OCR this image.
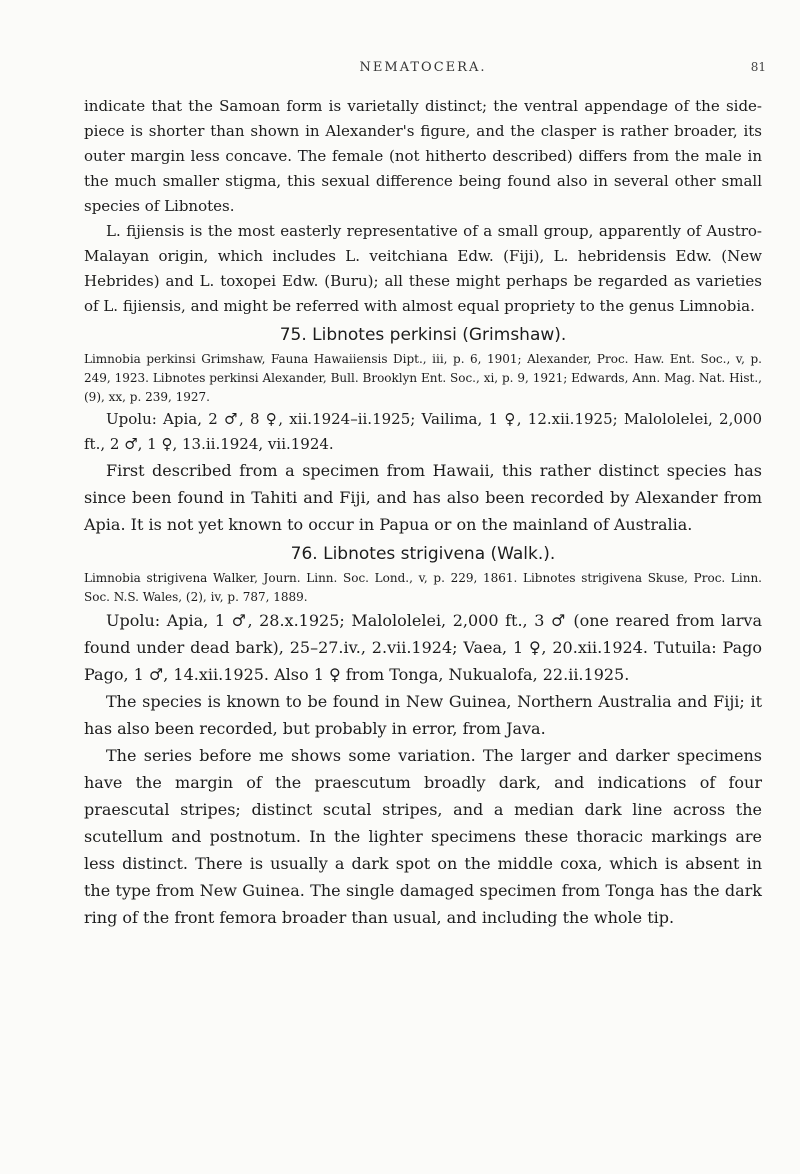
NEMATOCERA.	81

indicate that the Samoan form is varietally distinct; the ventral appendage of the side-piece is shorter than shown in Alexander's figure, and the clasper is rather broader, its outer margin less concave. The female (not hitherto described) differs from the male in the much smaller stigma, this sexual difference being found also in several other small species of Libnotes.

L. fijiensis is the most easterly representative of a small group, apparently of Austro-Malayan origin, which includes L. veitchiana Edw. (Fiji), L. hebridensis Edw. (New Hebrides) and L. toxopei Edw. (Buru); all these might perhaps be regarded as varieties of L. fijiensis, and might be referred with almost equal propriety to the genus Limnobia.

75. Libnotes perkinsi (Grimshaw).

Limnobia perkinsi Grimshaw, Fauna Hawaiiensis Dipt., iii, p. 6, 1901; Alexander, Proc. Haw. Ent. Soc., v, p. 249, 1923. Libnotes perkinsi Alexander, Bull. Brooklyn Ent. Soc., xi, p. 9, 1921; Edwards, Ann. Mag. Nat. Hist., (9), xx, p. 239, 1927.

Upolu: Apia, 2 ♂, 8 ♀, xii.1924–ii.1925; Vailima, 1 ♀, 12.xii.1925; Malololelei, 2,000 ft., 2 ♂, 1 ♀, 13.ii.1924, vii.1924.

First described from a specimen from Hawaii, this rather distinct species has since been found in Tahiti and Fiji, and has also been recorded by Alexander from Apia. It is not yet known to occur in Papua or on the mainland of Australia.

76. Libnotes strigivena (Walk.).

Limnobia strigivena Walker, Journ. Linn. Soc. Lond., v, p. 229, 1861. Libnotes strigivena Skuse, Proc. Linn. Soc. N.S. Wales, (2), iv, p. 787, 1889.

Upolu: Apia, 1 ♂, 28.x.1925; Malololelei, 2,000 ft., 3 ♂ (one reared from larva found under dead bark), 25–27.iv., 2.vii.1924; Vaea, 1 ♀, 20.xii.1924. Tutuila: Pago Pago, 1 ♂, 14.xii.1925. Also 1 ♀ from Tonga, Nukualofa, 22.ii.1925.

The species is known to be found in New Guinea, Northern Australia and Fiji; it has also been recorded, but probably in error, from Java.

The series before me shows some variation. The larger and darker specimens have the margin of the praescutum broadly dark, and indications of four praescutal stripes; distinct scutal stripes, and a median dark line across the scutellum and postnotum. In the lighter specimens these thoracic markings are less distinct. There is usually a dark spot on the middle coxa, which is absent in the type from New Guinea. The single damaged specimen from Tonga has the dark ring of the front femora broader than usual, and including the whole tip.
